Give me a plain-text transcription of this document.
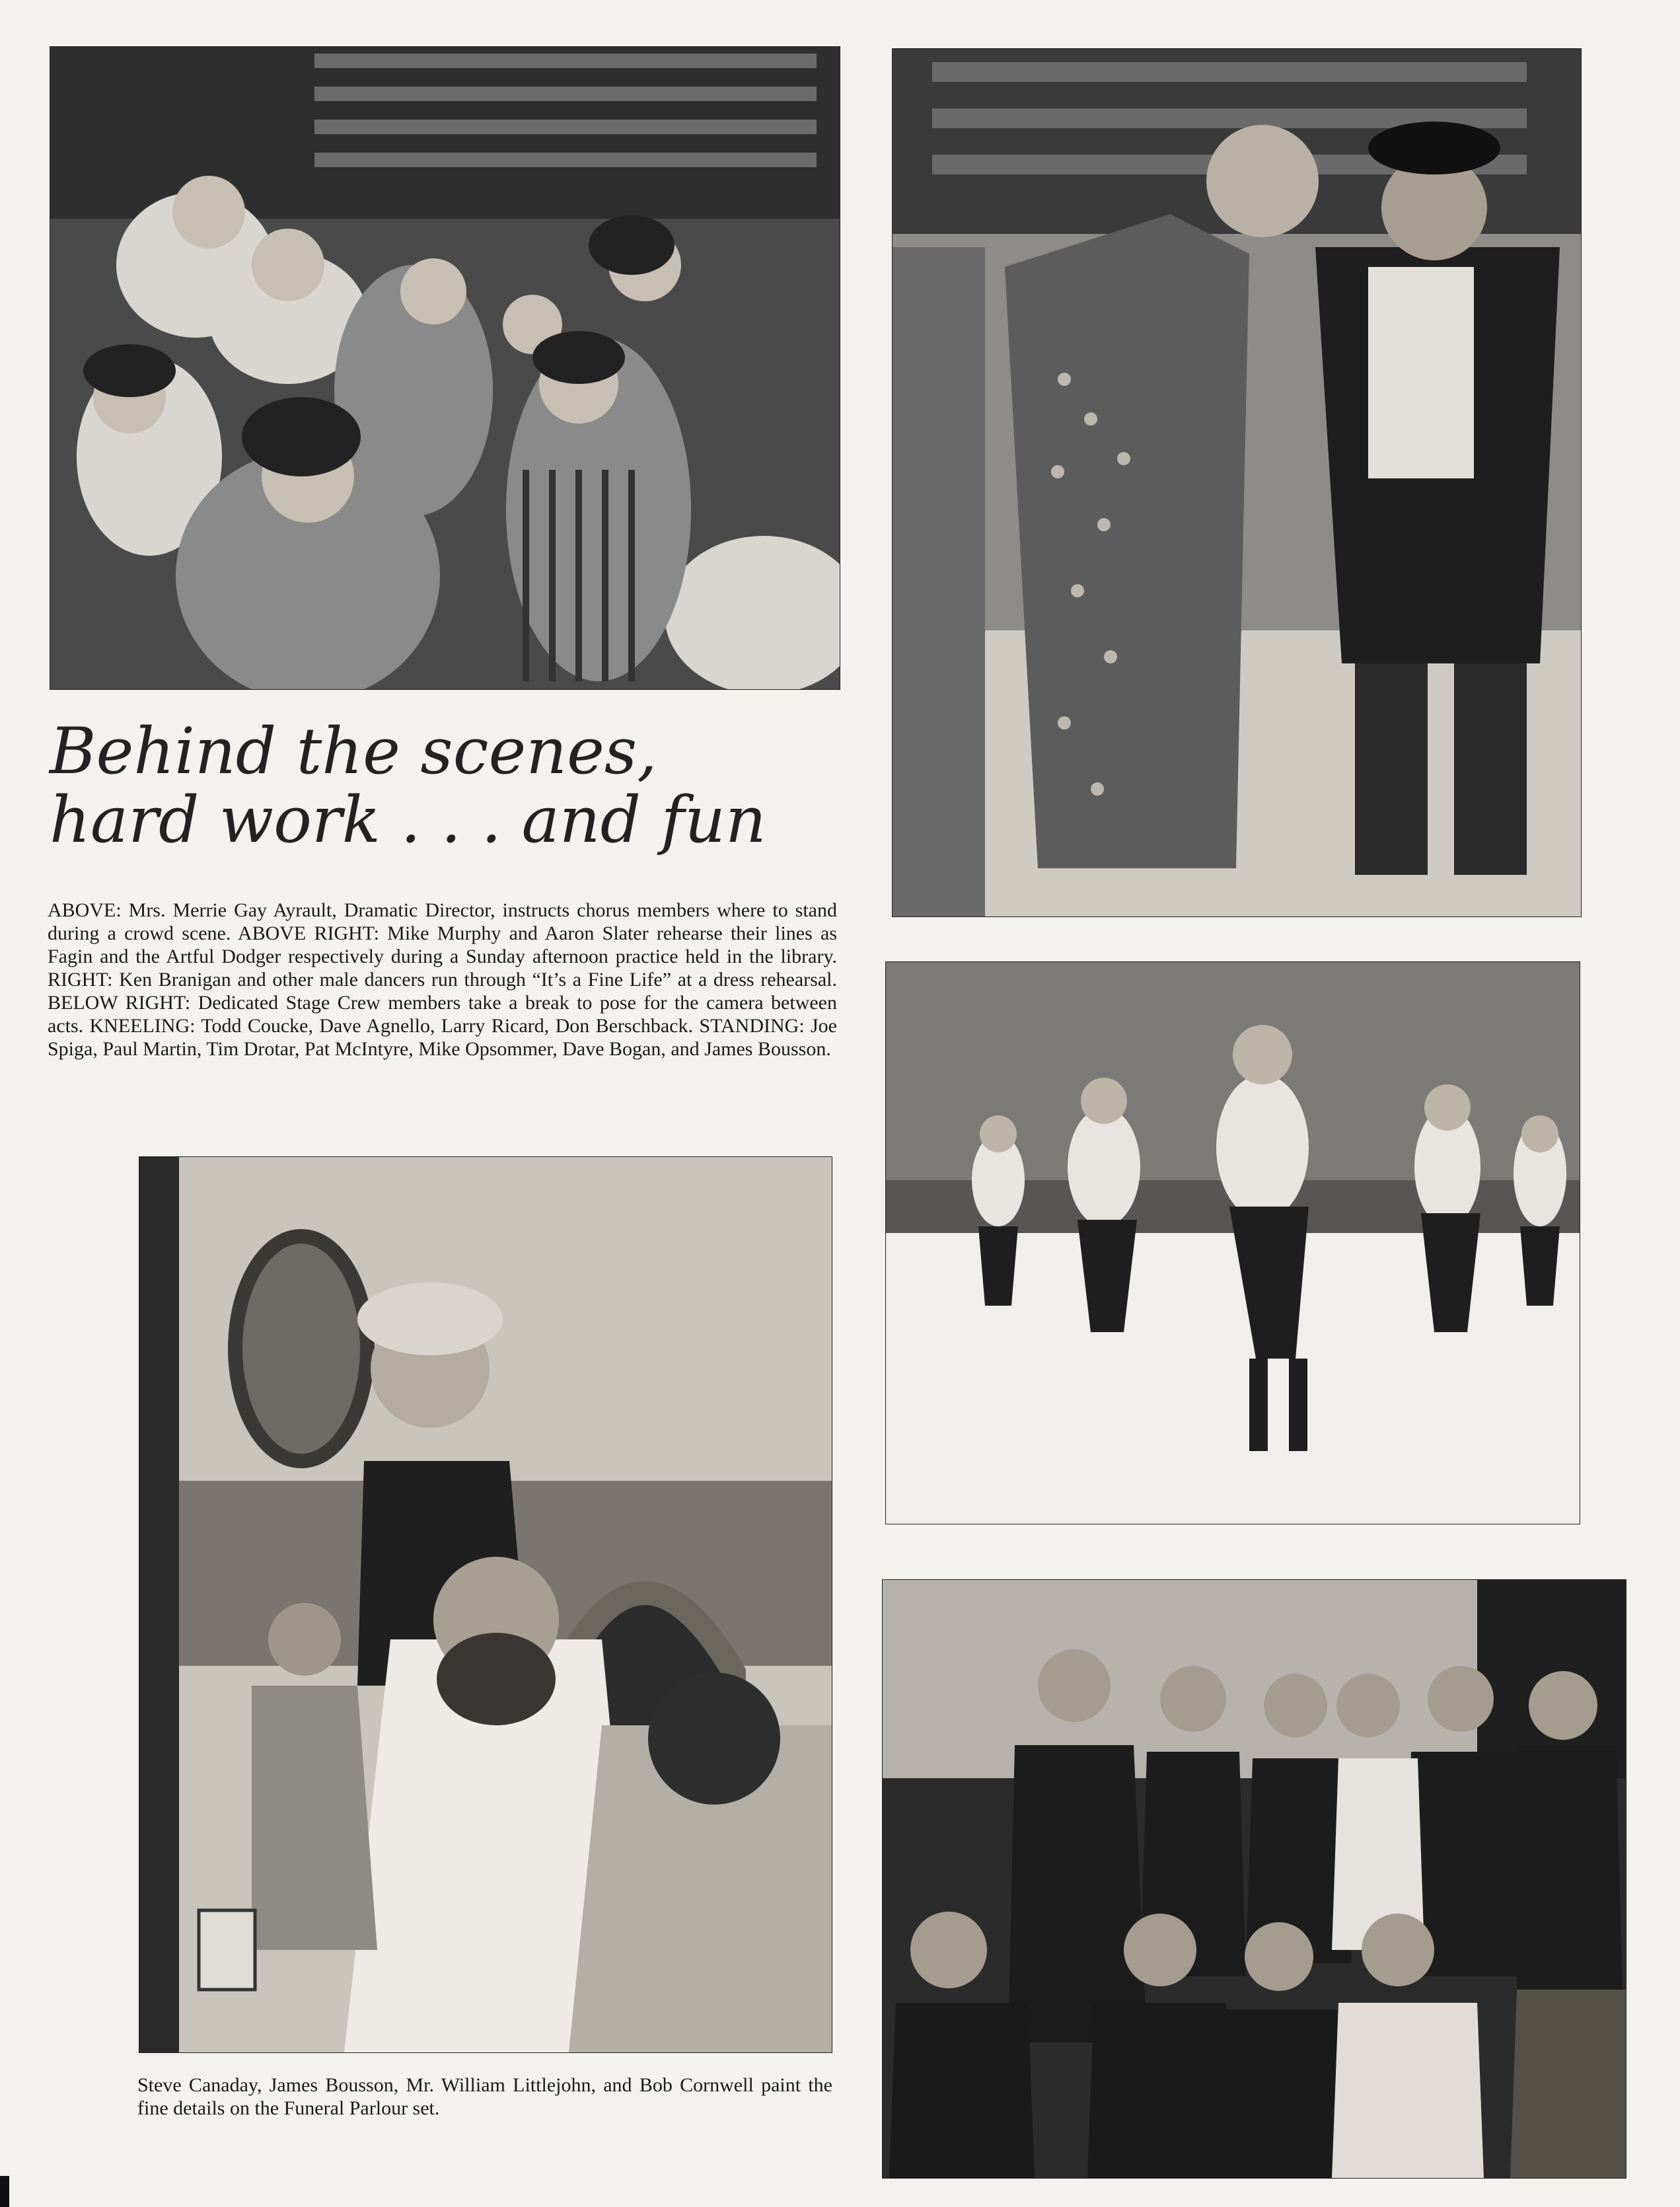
Behind the scenes,
hard work . . . and fun
ABOVE: Mrs. Merrie Gay Ayrault, Dramatic Director, instructs chorus members where to stand during a crowd scene. ABOVE RIGHT: Mike Murphy and Aaron Slater rehearse their lines as Fagin and the Artful Dodger respectively during a Sunday afternoon practice held in the library. RIGHT: Ken Branigan and other male dancers run through “It’s a Fine Life” at a dress rehearsal. BELOW RIGHT: Dedicated Stage Crew members take a break to pose for the camera between acts. KNEELING: Todd Coucke, Dave Agnello, Larry Ricard, Don Berschback. STANDING: Joe Spiga, Paul Martin, Tim Drotar, Pat McIntyre, Mike Opsommer, Dave Bogan, and James Bousson.
Steve Canaday, James Bousson, Mr. William Littlejohn, and Bob Cornwell paint the fine details on the Funeral Parlour set.
